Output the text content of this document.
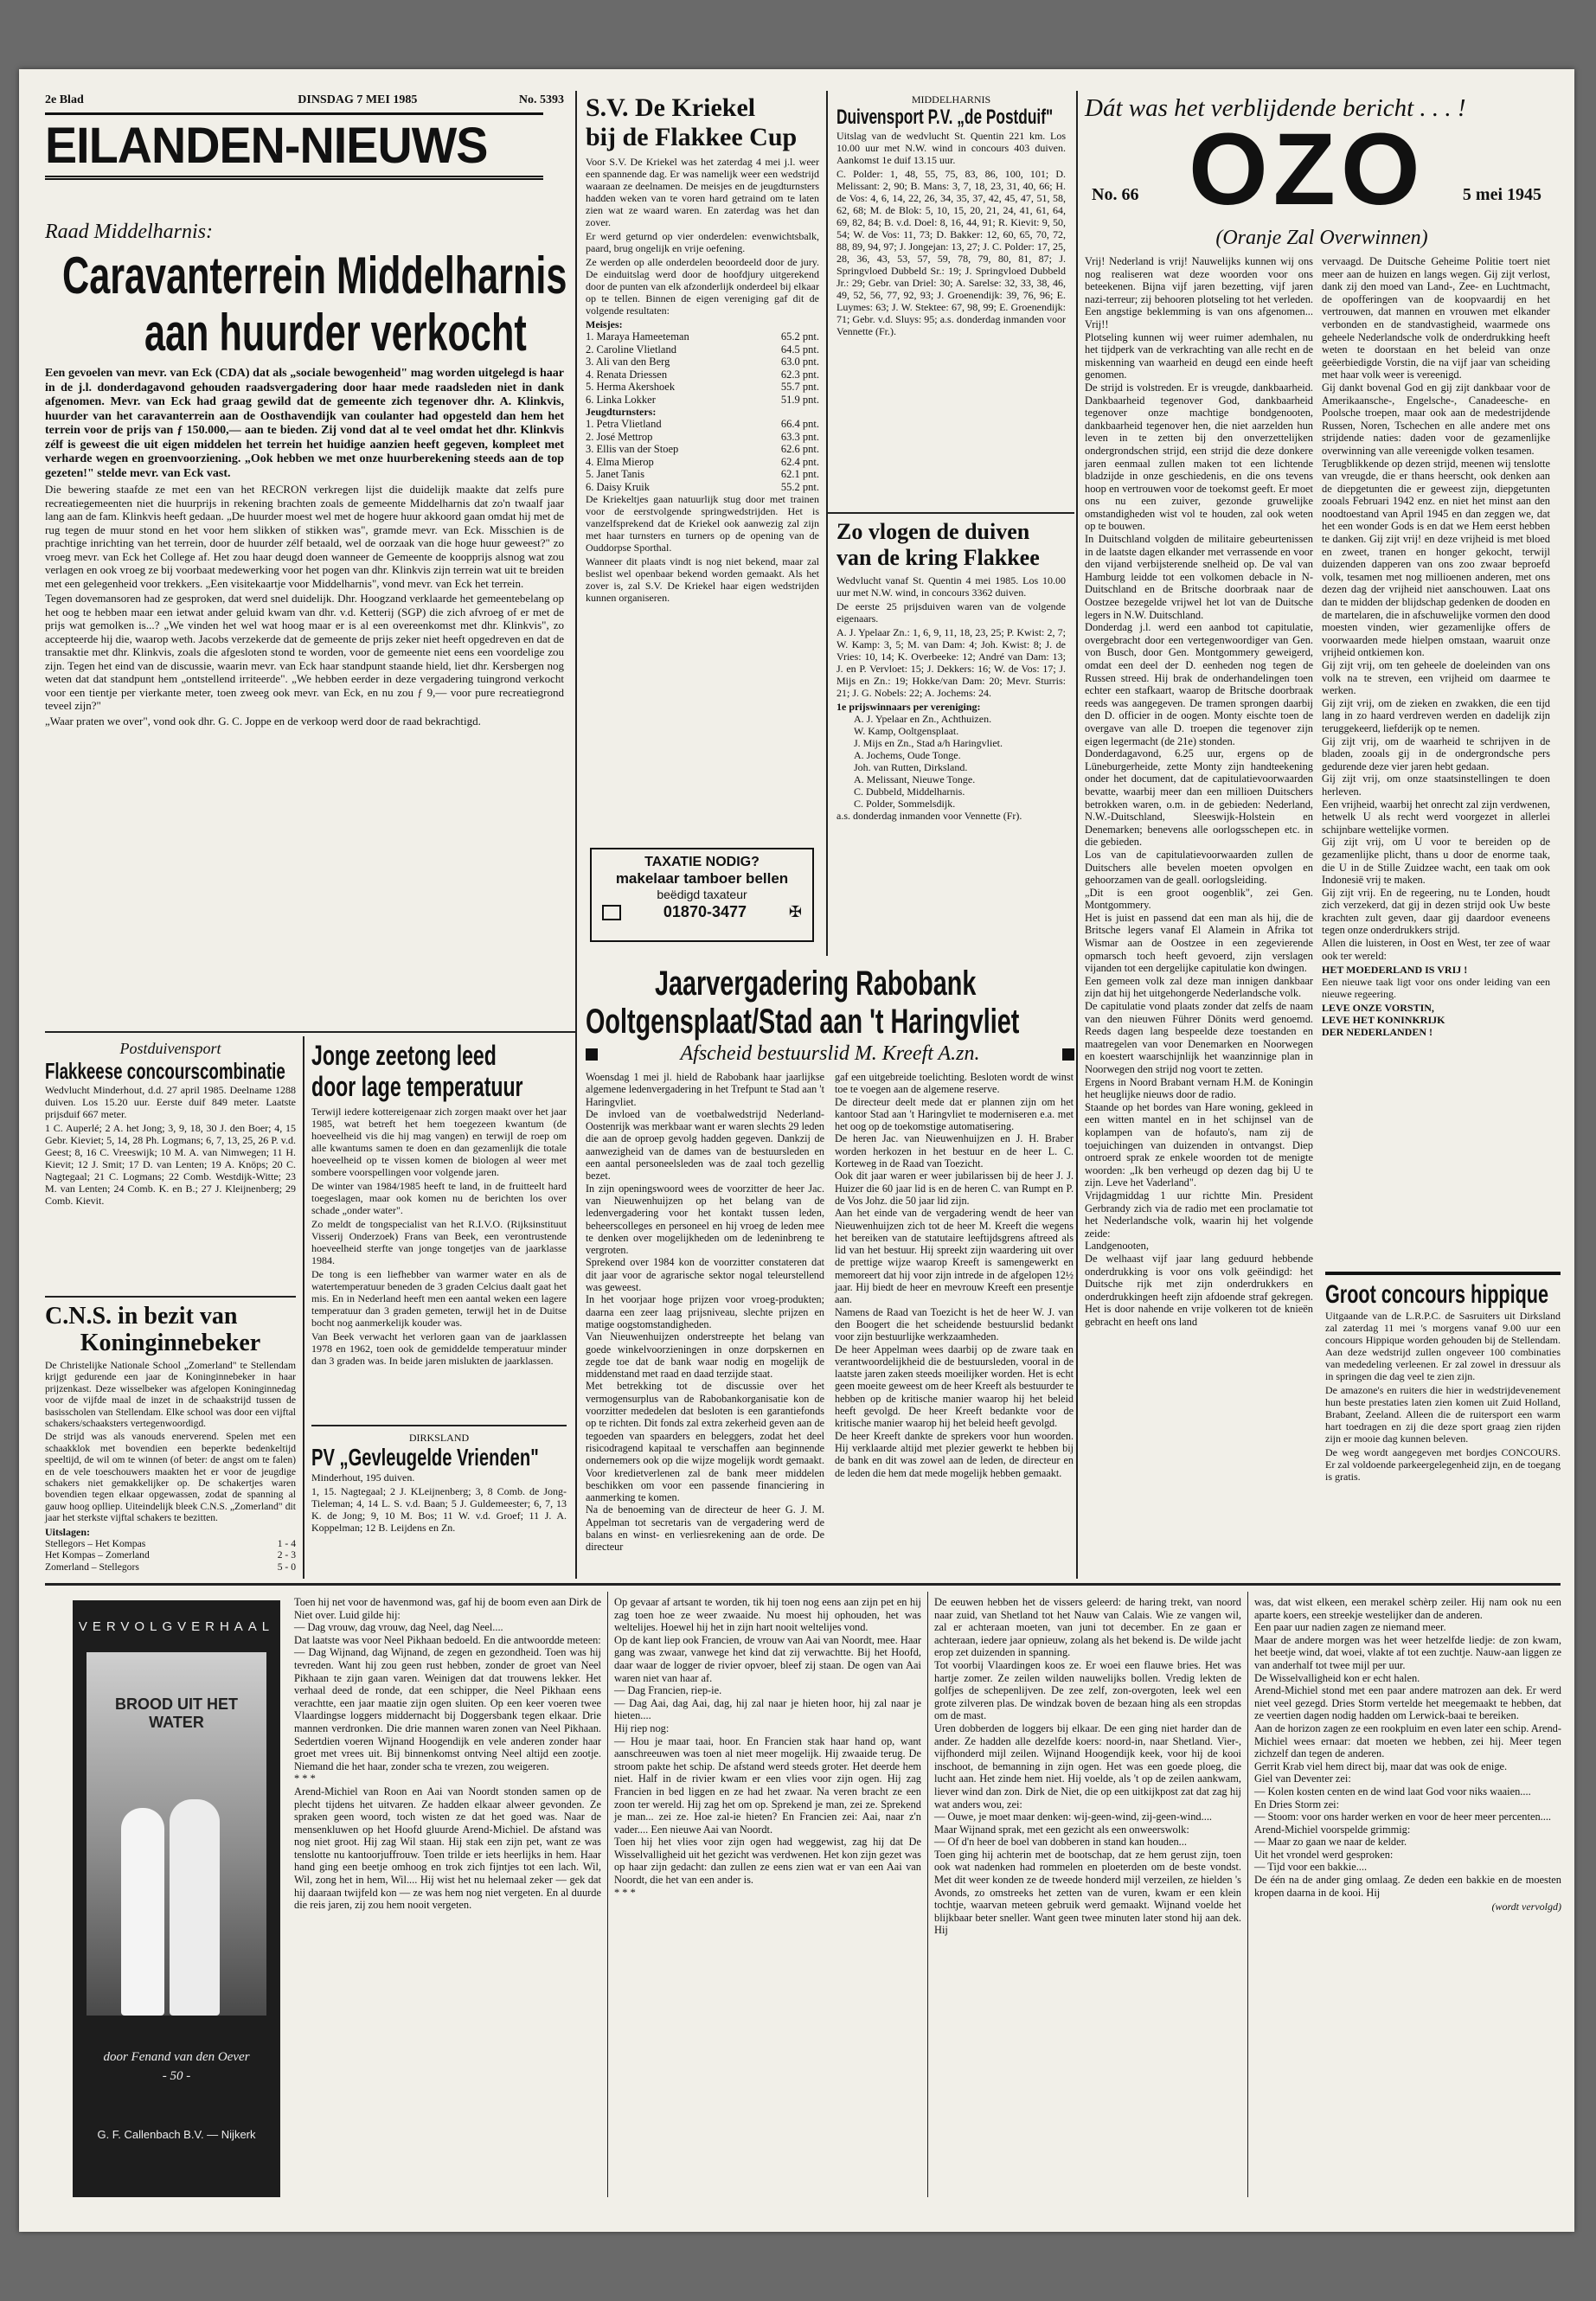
2e Blad	DINSDAG 7 MEI 1985	No. 5393
EILANDEN-NIEUWS
Raad Middelharnis:
Caravanterrein Middelharnis
aan huurder verkocht

Een gevoelen van mevr. van Eck (CDA) dat als „sociale bewogenheid" mag worden uitgelegd is haar in de j.l. donderdagavond gehouden raadsvergadering door haar mede raadsleden niet in dank afgenomen. Mevr. van Eck had graag gewild dat de gemeente zich tegenover dhr. A. Klinkvis, huurder van het caravanterrein aan de Oosthavendijk van coulanter had opgesteld dan hem het terrein voor de prijs van ƒ 150.000,— aan te bieden. Zij vond dat al te veel omdat het dhr. Klinkvis zélf is geweest die uit eigen middelen het terrein het huidige aanzien heeft gegeven, kompleet met verharde wegen en groenvoorziening. „Ook hebben we met onze huurberekening steeds aan de top gezeten!" stelde mevr. van Eck vast.

Die bewering staafde ze met een van het RECRON verkregen lijst die duidelijk maakte dat zelfs pure recreatiegemeenten niet die huurprijs in rekening brachten zoals de gemeente Middelharnis dat zo'n twaalf jaar lang aan de fam. Klinkvis heeft gedaan. „De huurder moest wel met de hogere huur akkoord gaan omdat hij met de rug tegen de muur stond en het voor hem slikken of stikken was", gramde mevr. van Eck. Misschien is de prachtige inrichting van het terrein, door de huurder zélf betaald, wel de oorzaak van die hoge huur geweest?" zo vroeg mevr. van Eck het College af. Het zou haar deugd doen wanneer de Gemeente de koopprijs alsnog wat zou verlagen en ook vroeg ze bij voorbaat medewerking voor het pogen van dhr. Klinkvis zijn terrein wat uit te breiden met een gelegenheid voor trekkers. „Een visitekaartje voor Middelharnis", vond mevr. van Eck het terrein.

Tegen dovemansoren had ze gesproken, dat werd snel duidelijk. Dhr. Hoogzand verklaarde het gemeentebelang op het oog te hebben maar een ietwat ander geluid kwam van dhr. v.d. Ketterij (SGP) die zich afvroeg of er met de prijs wat gemolken is...? „We vinden het wel wat hoog maar er is al een overeenkomst met dhr. Klinkvis", zo accepteerde hij die, waarop weth. Jacobs verzekerde dat de gemeente de prijs zeker niet heeft opgedreven en dat de transaktie met dhr. Klinkvis, zoals die afgesloten stond te worden, voor de gemeente niet eens een voordelige zou zijn. Tegen het eind van de discussie, waarin mevr. van Eck haar standpunt staande hield, liet dhr. Kersbergen nog weten dat dat standpunt hem „ontstellend irriteerde". „We hebben eerder in deze vergadering tuingrond verkocht voor een tientje per vierkante meter, toen zweeg ook mevr. van Eck, en nu zou ƒ 9,— voor pure recreatiegrond teveel zijn?"

„Waar praten we over", vond ook dhr. G. C. Joppe en de verkoop werd door de raad bekrachtigd.

S.V. De Kriekel
bij de Flakkee Cup

Voor S.V. De Kriekel was het zaterdag 4 mei j.l. weer een spannende dag. Er was namelijk weer een wedstrijd waaraan ze deelnamen. De meisjes en de jeugdturnsters hadden weken van te voren hard getraind om te laten zien wat ze waard waren. En zaterdag was het dan zover.

Er werd geturnd op vier onderdelen: evenwichtsbalk, paard, brug ongelijk en vrije oefening.

Ze werden op alle onderdelen beoordeeld door de jury. De einduitslag werd door de hoofdjury uitgerekend door de punten van elk afzonderlijk onderdeel bij elkaar op te tellen. Binnen de eigen vereniging gaf dit de volgende resultaten:

Meisjes:
1. Maraya Hameeteman	65.2 pnt.
2. Caroline Vlietland	64.5 pnt.
3. Ali van den Berg	63.0 pnt.
4. Renata Driessen	62.3 pnt.
5. Herma Akershoek	55.7 pnt.
6. Linka Lokker	51.9 pnt.
Jeugdturnsters:
1. Petra Vlietland	66.4 pnt.
2. José Mettrop	63.3 pnt.
3. Ellis van der Stoep	62.6 pnt.
4. Elma Mierop	62.4 pnt.
5. Janet Tanis	62.1 pnt.
6. Daisy Kruik	55.2 pnt.

De Kriekeltjes gaan natuurlijk stug door met trainen voor de eerstvolgende springwedstrijden. Het is vanzelfsprekend dat de Kriekel ook aanwezig zal zijn met haar turnsters en turners op de opening van de Ouddorpse Sporthal.

Wanneer dit plaats vindt is nog niet bekend, maar zal beslist wel openbaar bekend worden gemaakt. Als het zover is, zal S.V. De Kriekel haar eigen wedstrijden kunnen organiseren.

MIDDELHARNIS
Duivensport P.V. „de Postduif"

Uitslag van de wedvlucht St. Quentin 221 km. Los 10.00 uur met N.W. wind in concours 403 duiven. Aankomst 1e duif 13.15 uur.

C. Polder: 1, 48, 55, 75, 83, 86, 100, 101; D. Melissant: 2, 90; B. Mans: 3, 7, 18, 23, 31, 40, 66; H. de Vos: 4, 6, 14, 22, 26, 34, 35, 37, 42, 45, 47, 51, 58, 62, 68; M. de Blok: 5, 10, 15, 20, 21, 24, 41, 61, 64, 69, 82, 84; B. v.d. Doel: 8, 16, 44, 91; R. Kievit: 9, 50, 54; W. de Vos: 11, 73; D. Bakker: 12, 60, 65, 70, 72, 88, 89, 94, 97; J. Jongejan: 13, 27; J. C. Polder: 17, 25, 28, 36, 43, 53, 57, 59, 78, 79, 80, 81, 87; J. Springvloed Dubbeld Sr.: 19; J. Springvloed Dubbeld Jr.: 29; Gebr. van Driel: 30; A. Sarelse: 32, 33, 38, 46, 49, 52, 56, 77, 92, 93; J. Groenendijk: 39, 76, 96; E. Luymes: 63; J. W. Stektee: 67, 98, 99; E. Groenendijk: 71; Gebr. v.d. Sluys: 95; a.s. donderdag inmanden voor Vennette (Fr.).

Zo vlogen de duiven
van de kring Flakkee

Wedvlucht vanaf St. Quentin 4 mei 1985. Los 10.00 uur met N.W. wind, in concours 3362 duiven.

De eerste 25 prijsduiven waren van de volgende eigenaars.

A. J. Ypelaar Zn.: 1, 6, 9, 11, 18, 23, 25; P. Kwist: 2, 7; W. Kamp: 3, 5; M. van Dam: 4; Joh. Kwist: 8; J. de Vries: 10, 14; K. Overbeeke: 12; André van Dam: 13; J. en P. Vervloet: 15; J. Dekkers: 16; W. de Vos: 17; J. Mijs en Zn.: 19; Hokke/van Dam: 20; Mevr. Sturris: 21; J. G. Nobels: 22; A. Jochems: 24.

1e prijswinnaars per vereniging:
A. J. Ypelaar en Zn., Achthuizen.
W. Kamp, Ooltgensplaat.
J. Mijs en Zn., Stad a/h Haringvliet.
A. Jochems, Oude Tonge.
Joh. van Rutten, Dirksland.
A. Melissant, Nieuwe Tonge.
C. Dubbeld, Middelharnis.
C. Polder, Sommelsdijk.

a.s. donderdag inmanden voor Vennette (Fr).

TAXATIE NODIG?
makelaar tamboer bellen
beëdigd taxateur
01870-3477	✠
Dát was het verblijdende bericht . . . !
No. 66 OZO 5 mei 1945
(Oranje Zal Overwinnen)

Vrij! Nederland is vrij! Nauwelijks kunnen wij ons nog realiseren wat deze woorden voor ons beteekenen. Bijna vijf jaren bezetting, vijf jaren nazi-terreur; zij behooren plotseling tot het verleden. Een angstige beklemming is van ons afgenomen... Vrij!!
Plotseling kunnen wij weer ruimer ademhalen, nu het tijdperk van de verkrachting van alle recht en de miskenning van waarheid en deugd een einde heeft genomen.
De strijd is volstreden. Er is vreugde, dankbaarheid. Dankbaarheid tegenover God, dankbaarheid tegenover onze machtige bondgenooten, dankbaarheid tegenover hen, die niet aarzelden hun leven in te zetten bij den onverzettelijken ondergrondschen strijd, een strijd die deze donkere jaren eenmaal zullen maken tot een lichtende bladzijde in onze geschiedenis, en die ons tevens hoop en vertrouwen voor de toekomst geeft. Er moet ons nu een zuiver, gezonde gruwelijke omstandigheden wist vol te houden, zal ook weten op te bouwen.
In Duitschland volgden de militaire gebeurtenissen in de laatste dagen elkander met verrassende en voor den vijand verbijsterende snelheid op. De val van Hamburg leidde tot een volkomen debacle in N-Duitschland en de Britsche doorbraak naar de Oostzee bezegelde vrijwel het lot van de Duitsche legers in N.W. Duitschland.
Donderdag j.l. werd een aanbod tot capitulatie, overgebracht door een vertegenwoordiger van Gen. von Busch, door Gen. Montgommery geweigerd, omdat een deel der D. eenheden nog tegen de Russen streed. Hij brak de onderhandelingen toen echter een stafkaart, waarop de Britsche doorbraak reeds was aangegeven. De tramen sprongen daarbij den D. officier in de oogen. Monty eischte toen de overgave van alle D. troepen die tegenover zijn eigen legermacht (de 21e) stonden.
Donderdagavond, 6.25 uur, ergens op de Lüneburgerheide, zette Monty zijn handteekening onder het document, dat de capitulatievoorwaarden bevatte, waarbij meer dan een millioen Duitschers betrokken waren, o.m. in de gebieden: Nederland, N.W.-Duitschland, Sleeswijk-Holstein en Denemarken; benevens alle oorlogsschepen etc. in die gebieden.
Los van de capitulatievoorwaarden zullen de Duitschers alle bevelen moeten opvolgen en gehoorzamen van de geall. oorlogsleiding.
„Dit is een groot oogenblik", zei Gen. Montgommery.
Het is juist en passend dat een man als hij, die de Britsche legers vanaf El Alamein in Afrika tot Wismar aan de Oostzee in een zegevierende opmarsch toch heeft gevoerd, zijn verslagen vijanden tot een dergelijke capitulatie kon dwingen.
Een gemeen volk zal deze man innigen dankbaar zijn dat hij het uitgehongerde Nederlandsche volk.
De capitulatie vond plaats zonder dat zelfs de naam van den nieuwen Führer Dönits werd genoemd. Reeds dagen lang bespeelde deze toestanden en maatregelen van voor Denemarken en Noorwegen en koestert waarschijnlijk het waanzinnige plan in Noorwegen den strijd nog voort te zetten.
Ergens in Noord Brabant vernam H.M. de Koningin het heuglijke nieuws door de radio.
Staande op het bordes van Hare woning, gekleed in een witten mantel en in het schijnsel van de koplampen van de hofauto's, nam zij de toejuichingen van duizenden in ontvangst. Diep ontroerd sprak ze enkele woorden tot de menigte woorden: „Ik ben verheugd op dezen dag bij U te zijn. Leve het Vaderland".
Vrijdagmiddag 1 uur richtte Min. President Gerbrandy zich via de radio met een proclamatie tot het Nederlandsche volk, waarin hij het volgende zeide:
Landgenooten,
De welhaast vijf jaar lang geduurd hebbende onderdrukking is voor ons volk geëindigd: het Duitsche rijk met zijn onderdrukkers en onderdrukkingen heeft zijn afdoende straf gekregen. Het is door nahende en vrije volkeren tot de knieën gebracht en heeft ons land

vervaagd. De Duitsche Geheime Politie toert niet meer aan de huizen en langs wegen. Gij zijt verlost, dank zij den moed van Land-, Zee- en Luchtmacht, de opofferingen van de koopvaardij en het vertrouwen, dat mannen en vrouwen met elkander verbonden en de standvastigheid, waarmede ons geheele Nederlandsche volk de onderdrukking heeft weten te doorstaan en het beleid van onze geëerbiedigde Vorstin, die na vijf jaar van scheiding met haar volk weer is vereenigd.
Gij dankt bovenal God en gij zijt dankbaar voor de Amerikaansche-, Engelsche-, Canadeesche- en Poolsche troepen, maar ook aan de medestrijdende Russen, Noren, Tschechen en alle andere met ons strijdende naties: daden voor de gezamenlijke overwinning van alle vereenigde volken tesamen.
Terugblikkende op dezen strijd, meenen wij tenslotte van vreugde, die er thans heerscht, ook denken aan de diepgetunten die er geweest zijn, diepgetunten zooals Februari 1942 enz. en niet het minst aan den noodtoestand van April 1945 en dan zeggen we, dat het een wonder Gods is en dat we Hem eerst hebben te danken. Gij zijt vrij! en deze vrijheid is met bloed en zweet, tranen en honger gekocht, terwijl duizenden dapperen van ons zoo zwaar beproefd volk, tesamen met nog millioenen anderen, met ons dezen dag der vrijheid niet aanschouwen. Laat ons dan te midden der blijdschap gedenken de dooden en de martelaren, die in afschuwelijke vormen den dood moesten vinden, wier gezamenlijke offers de voorwaarden mede hielpen omstaan, waaruit onze vrijheid ontkiemen kon.
Gij zijt vrij, om ten geheele de doeleinden van ons volk na te streven, een vrijheid om daarmee te werken.
Gij zijt vrij, om de zieken en zwakken, die een tijd lang in zo haard verdreven werden en dadelijk zijn teruggekeerd, liefderijk op te nemen.
Gij zijt vrij, om de waarheid te schrijven in de bladen, zooals gij in de ondergrondsche pers gedurende deze vier jaren hebt gedaan.
Gij zijt vrij, om onze staatsinstellingen te doen herleven.
Een vrijheid, waarbij het onrecht zal zijn verdwenen, hetwelk U als recht werd voorgezet in allerlei schijnbare wettelijke vormen.
Gij zijt vrij, om U voor te bereiden op de gezamenlijke plicht, thans u door de enorme taak, die U in de Stille Zuidzee wacht, een taak om ook Indonesië vrij te maken.
Gij zijt vrij. En de regeering, nu te Londen, houdt zich verzekerd, dat gij in dezen strijd ook Uw beste krachten zult geven, daar gij daardoor eveneens tegen onze onderdrukkers strijd.
Allen die luisteren, in Oost en West, ter zee of waar ook ter wereld:

HET MOEDERLAND IS VRIJ !

Een nieuwe taak ligt voor ons onder leiding van een nieuwe regeering.

LEVE ONZE VORSTIN,
LEVE HET KONINKRIJK
DER NEDERLANDEN !
Groot concours hippique

Uitgaande van de L.R.P.C. de Sasruiters uit Dirksland zal zaterdag 11 mei 's morgens vanaf 9.00 uur een concours Hippique worden gehouden bij de Stellendam. Aan deze wedstrijd zullen ongeveer 100 combinaties van mededeling verleenen. Er zal zowel in dressuur als in springen die dag veel te zien zijn.

De amazone's en ruiters die hier in wedstrijdevenement hun beste prestaties laten zien komen uit Zuid Holland, Brabant, Zeeland. Alleen die de ruitersport een warm hart toedragen en zij die deze sport graag zien rijden zijn er mooie dag kunnen beleven.

De weg wordt aangegeven met bordjes CONCOURS. Er zal voldoende parkeergelegenheid zijn, en de toegang is gratis.

Postduivensport
Flakkeese concourscombinatie

Wedvlucht Minderhout, d.d. 27 april 1985. Deelname 1288 duiven. Los 15.20 uur. Eerste duif 849 meter. Laatste prijsduif 667 meter.

1 C. Auperlé; 2 A. het Jong; 3, 9, 18, 30 J. den Boer; 4, 15 Gebr. Kieviet; 5, 14, 28 Ph. Logmans; 6, 7, 13, 25, 26 P. v.d. Geest; 8, 16 C. Vreeswijk; 10 M. A. van Nimwegen; 11 H. Kievit; 12 J. Smit; 17 D. van Lenten; 19 A. Knöps; 20 C. Nagtegaal; 21 C. Logmans; 22 Comb. Westdijk-Witte; 23 M. van Lenten; 24 Comb. K. en B.; 27 J. Kleijnenberg; 29 Comb. Kievit.

C.N.S. in bezit van
Koninginnebeker

De Christelijke Nationale School „Zomerland" te Stellendam krijgt gedurende een jaar de Koninginnebeker in haar prijzenkast. Deze wisselbeker was afgelopen Koninginnedag voor de vijfde maal de inzet in de schaakstrijd tussen de basisscholen van Stellendam. Elke school was door een vijftal schakers/schaaksters vertegenwoordigd.

De strijd was als vanouds enerverend. Spelen met een schaakklok met bovendien een beperkte bedenkeltijd speeltijd, de wil om te winnen (of beter: de angst om te falen) en de vele toeschouwers maakten het er voor de jeugdige schakers niet gemakkelijker op. De schakertjes waren bovendien tegen elkaar opgewassen, zodat de spanning al gauw hoog oplliep. Uiteindelijk bleek C.N.S. „Zomerland" dit jaar het sterkste vijftal schakers te bezitten.

Uitslagen:
Stellegors – Het Kompas	1 - 4
Het Kompas – Zomerland	2 - 3
Zomerland – Stellegors	5 - 0
Jonge zeetong leed
door lage temperatuur

Terwijl iedere kottereigenaar zich zorgen maakt over het jaar 1985, wat betreft het hem toegezeen kwantum (de hoeveelheid vis die hij mag vangen) en terwijl de roep om alle kwantums samen te doen en dan gezamenlijk die totale hoeveelheid op te vissen komen de biologen al weer met sombere voorspellingen voor volgende jaren.

De winter van 1984/1985 heeft te land, in de fruitteelt hard toegeslagen, maar ook komen nu de berichten los over schade „onder water".

Zo meldt de tongspecialist van het R.I.V.O. (Rijksinstituut Visserij Onderzoek) Frans van Beek, een verontrustende hoeveelheid sterfte van jonge tongetjes van de jaarklasse 1984.

De tong is een liefhebber van warmer water en als de watertemperatuur beneden de 3 graden Celcius daalt gaat het mis. En in Nederland heeft men een aantal weken een lagere temperatuur dan 3 graden gemeten, terwijl het in de Duitse bocht nog aanmerkelijk kouder was.

Van Beek verwacht het verloren gaan van de jaarklassen 1978 en 1962, toen ook de gemiddelde temperatuur minder dan 3 graden was. In beide jaren mislukten de jaarklassen.

DIRKSLAND
PV „Gevleugelde Vrienden"

Minderhout, 195 duiven.

1, 15. Nagtegaal; 2 J. KLeijnenberg; 3, 8 Comb. de Jong-Tieleman; 4, 14 L. S. v.d. Baan; 5 J. Guldemeester; 6, 7, 13 K. de Jong; 9, 10 M. Bos; 11 W. v.d. Groef; 11 J. A. Koppelman; 12 B. Leijdens en Zn.

Jaarvergadering Rabobank
Ooltgensplaat/Stad aan 't Haringvliet
Afscheid bestuurslid M. Kreeft A.zn.

Woensdag 1 mei jl. hield de Rabobank haar jaarlijkse algemene ledenvergadering in het Trefpunt te Stad aan 't Haringvliet.
De invloed van de voetbalwedstrijd Nederland-Oostenrijk was merkbaar want er waren slechts 29 leden die aan de oproep gevolg hadden gegeven. Dankzij de aanwezigheid van de dames van de bestuursleden en een aantal personeelsleden was de zaal toch gezellig bezet.
In zijn openingswoord wees de voorzitter de heer Jac. van Nieuwenhuijzen op het belang van de ledenvergadering voor het kontakt tussen leden, beheerscolleges en personeel en hij vroeg de leden mee te denken over mogelijkheden om de ledeninbreng te vergroten.
Sprekend over 1984 kon de voorzitter constateren dat dit jaar voor de agrarische sektor nogal teleurstellend was geweest.
In het voorjaar hoge prijzen voor vroeg-produkten; daarna een zeer laag prijsniveau, slechte prijzen en matige oogstomstandigheden.
Van Nieuwenhuijzen onderstreepte het belang van goede winkelvoorzieningen in onze dorpskernen en zegde toe dat de bank waar nodig en mogelijk de middenstand met raad en daad terzijde staat.
Met betrekking tot de discussie over het vermogensurplus van de Rabobankorganisatie kon de voorzitter mededelen dat besloten is een garantiefonds op te richten. Dit fonds zal extra zekerheid geven aan de tegoeden van spaarders en beleggers, zodat het deel risicodragend kapitaal te verschaffen aan beginnende ondernemers ook op die wijze mogelijk wordt gemaakt. Voor kredietverlenen zal de bank meer middelen beschikken om voor een passende financiering in aanmerking te komen.
Na de benoeming van de directeur de heer G. J. M. Appelman tot secretaris van de vergadering werd de balans en winst- en verliesrekening aan de orde. De directeur

gaf een uitgebreide toelichting. Besloten wordt de winst toe te voegen aan de algemene reserve.
De directeur deelt mede dat er plannen zijn om het kantoor Stad aan 't Haringvliet te moderniseren e.a. met het oog op de toekomstige automatisering.
De heren Jac. van Nieuwenhuijzen en J. H. Braber worden herkozen in het bestuur en de heer L. C. Korteweg in de Raad van Toezicht.
Ook dit jaar waren er weer jubilarissen bij de heer J. J. Huizer die 60 jaar lid is en de heren C. van Rumpt en P. de Vos Johz. die 50 jaar lid zijn.
Aan het einde van de vergadering wendt de heer van Nieuwenhuijzen zich tot de heer M. Kreeft die wegens het bereiken van de statutaire leeftijdsgrens aftreed als lid van het bestuur. Hij spreekt zijn waardering uit over de prettige wijze waarop Kreeft is samengewerkt en memoreert dat hij voor zijn intrede in de afgelopen 12½ jaar. Hij biedt de heer en mevrouw Kreeft een presentje aan.
Namens de Raad van Toezicht is het de heer W. J. van den Boogert die het scheidende bestuurslid bedankt voor zijn bestuurlijke werkzaamheden.
De heer Appelman wees daarbij op de zware taak en verantwoordelijkheid die de bestuursleden, vooral in de laatste jaren zaken steeds moeilijker worden. Het is echt geen moeite geweest om de heer Kreeft als bestuurder te hebben op de kritische manier waarop hij het beleid heeft gevolgd. De heer Kreeft bedankte voor de kritische manier waarop hij het beleid heeft gevolgd.
De heer Kreeft dankte de sprekers voor hun woorden. Hij verklaarde altijd met plezier gewerkt te hebben bij de bank en dit was zowel aan de leden, de directeur en de leden die hem dat mede mogelijk hebben gemaakt.

VERVOLGVERHAAL
BROOD UIT HET WATER
door Fenand van den Oever
- 50 -
G. F. Callenbach B.V. — Nijkerk

Toen hij net voor de havenmond was, gaf hij de boom even aan Dirk de Niet over. Luid gilde hij:
— Dag vrouw, dag vrouw, dag Neel, dag Neel....
Dat laatste was voor Neel Pikhaan bedoeld. En die antwoordde meteen:
— Dag Wijnand, dag Wijnand, de zegen en gezondheid. Toen was hij tevreden. Want hij zou geen rust hebben, zonder de groet van Neel Pikhaan te zijn gaan varen. Weinigen dat dat trouwens lekker. Het verhaal deed de ronde, dat een schipper, die Neel Pikhaan eens verachtte, een jaar maatie zijn ogen sluiten. Op een keer voeren twee Vlaardingse loggers middernacht bij Doggersbank tegen elkaar. Drie mannen verdronken. Die drie mannen waren zonen van Neel Pikhaan. Sedertdien voeren Wijnand Hoogendijk en vele anderen zonder haar groet met vrees uit. Bij binnenkomst ontving Neel altijd een zootje. Niemand die het haar, zonder scha te vrezen, zou weigeren.
* * *
Arend-Michiel van Roon en Aai van Noordt stonden samen op de plecht tijdens het uitvaren. Ze hadden elkaar alweer gevonden. Ze spraken geen woord, toch wisten ze dat het goed was. Naar de mensenkluwen op het Hoofd gluurde Arend-Michiel. De afstand was nog niet groot. Hij zag Wil staan. Hij stak een zijn pet, want ze was tenslotte nu kantoorjuffrouw. Toen trilde er iets heerlijks in hem. Haar hand ging een beetje omhoog en trok zich fijntjes tot een lach. Wil, Wil, zong het in hem, Wil.... Hij wist het nu helemaal zeker — gek dat hij daaraan twijfeld kon — ze was hem nog niet vergeten. En al duurde die reis jaren, zij zou hem nooit vergeten.

Op gevaar af artsant te worden, tik hij toen nog eens aan zijn pet en hij zag toen hoe ze weer zwaaide. Nu moest hij ophouden, het was weltelijes. Hoewel hij het in zijn hart nooit weltelijes vond.
Op de kant liep ook Francien, de vrouw van Aai van Noordt, mee. Haar gang was zwaar, vanwege het kind dat zij verwachtte. Bij het Hoofd, daar waar de logger de rivier opvoer, bleef zij staan. De ogen van Aai waren niet van haar af.
— Dag Francien, riep-ie.
— Dag Aai, dag Aai, dag, hij zal naar je hieten hoor, hij zal naar je hieten....
Hij riep nog:
— Hou je maar taai, hoor. En Francien stak haar hand op, want aanschreeuwen was toen al niet meer mogelijk. Hij zwaaide terug. De stroom pakte het schip. De afstand werd steeds groter. Het deerde hem niet. Half in de rivier kwam er een vlies voor zijn ogen. Hij zag Francien in bed liggen en ze had het zwaar. Na veren bracht ze een zoon ter wereld. Hij zag het om op. Sprekend je man, zei ze. Sprekend je man... zei ze. Hoe zal-ie hieten? En Francien zei: Aai, naar z'n vader.... Een nieuwe Aai van Noordt.
Toen hij het vlies voor zijn ogen had weggewist, zag hij dat De Wisselvalligheid uit het gezicht was verdwenen. Het kon zijn gezet was op haar zijn gedacht: dan zullen ze eens zien wat er van een Aai van Noordt, die het van een ander is.
* * *

De eeuwen hebben het de vissers geleerd: de haring trekt, van noord naar zuid, van Shetland tot het Nauw van Calais. Wie ze vangen wil, zal er achteraan moeten, van juni tot december. En ze gaan er achteraan, iedere jaar opnieuw, zolang als het bekend is. De wilde jacht erop zet duizenden in spanning.
Tot voorbij Vlaardingen koos ze. Er woei een flauwe bries. Het was hartje zomer. Ze zeilen wilden nauwelijks bollen. Vredig lekten de golfjes de schepenlijven. De zee zelf, zon-overgoten, leek wel een grote zilveren plas. De windzak boven de bezaan hing als een stropdas om de mast.
Uren dobberden de loggers bij elkaar. De een ging niet harder dan de ander. Ze hadden alle dezelfde koers: noord-in, naar Shetland. Vier-, vijfhonderd mijl zeilen. Wijnand Hoogendijk keek, voor hij de kooi inschoot, de bemanning in zijn ogen. Het was een goede ploeg, die lucht aan. Het zinde hem niet. Hij voelde, als 't op de zeilen aankwam, liever wind dan zon. Dirk de Niet, die op een uitkijkpost zat dat zag hij wat anders wou, zei:
— Ouwe, je moet maar denken: wij-geen-wind, zij-geen-wind....
Maar Wijnand sprak, met een gezicht als een onweerswolk:
— Of d'n heer de boel van dobberen in stand kan houden...
Toen ging hij achterin met de bootschap, dat ze hem gerust zijn, toen ook wat nadenken had rommelen en ploeterden om de beste vondst. Met dit weer konden ze de tweede honderd mijl verzeilen, ze hielden 's Avonds, zo omstreeks het zetten van de vuren, kwam er een klein tochtje, waarvan meteen gebruik werd gemaakt. Wijnand voelde het blijkbaar beter sneller. Want geen twee minuten later stond hij aan dek. Hij

was, dat wist elkeen, een merakel schèrp zeiler. Hij nam ook nu een aparte koers, een streekje westelijker dan de anderen.
Een paar uur nadien zagen ze niemand meer.
Maar de andere morgen was het weer hetzelfde liedje: de zon kwam, het beetje wind, dat woei, vlakte af tot een zuchtje. Nauw-aan liggen ze van anderhalf tot twee mijl per uur.
De Wisselvalligheid kon er echt halen.
Arend-Michiel stond met een paar andere matrozen aan dek. Er werd niet veel gezegd. Dries Storm vertelde het meegemaakt te hebben, dat ze veertien dagen nodig hadden om Lerwick-baai te bereiken.
Aan de horizon zagen ze een rookpluim en even later een schip. Arend-Michiel wees ernaar: dat moeten we hebben, zei hij. Meer tegen zichzelf dan tegen de anderen.
Gerrit Krab viel hem direct bij, maar dat was ook de enige.
Giel van Deventer zei:
— Kolen kosten centen en de wind laat God voor niks waaien....
En Dries Storm zei:
— Stoom: voor ons harder werken en voor de heer meer percenten....
Arend-Michiel voorspelde grimmig:
— Maar zo gaan we naar de kelder.
Uit het vrondel werd gesproken:
— Tijd voor een bakkie....
De één na de ander ging omlaag. Ze deden een bakkie en de moesten kropen daarna in de kooi. Hij

(wordt vervolgd)
